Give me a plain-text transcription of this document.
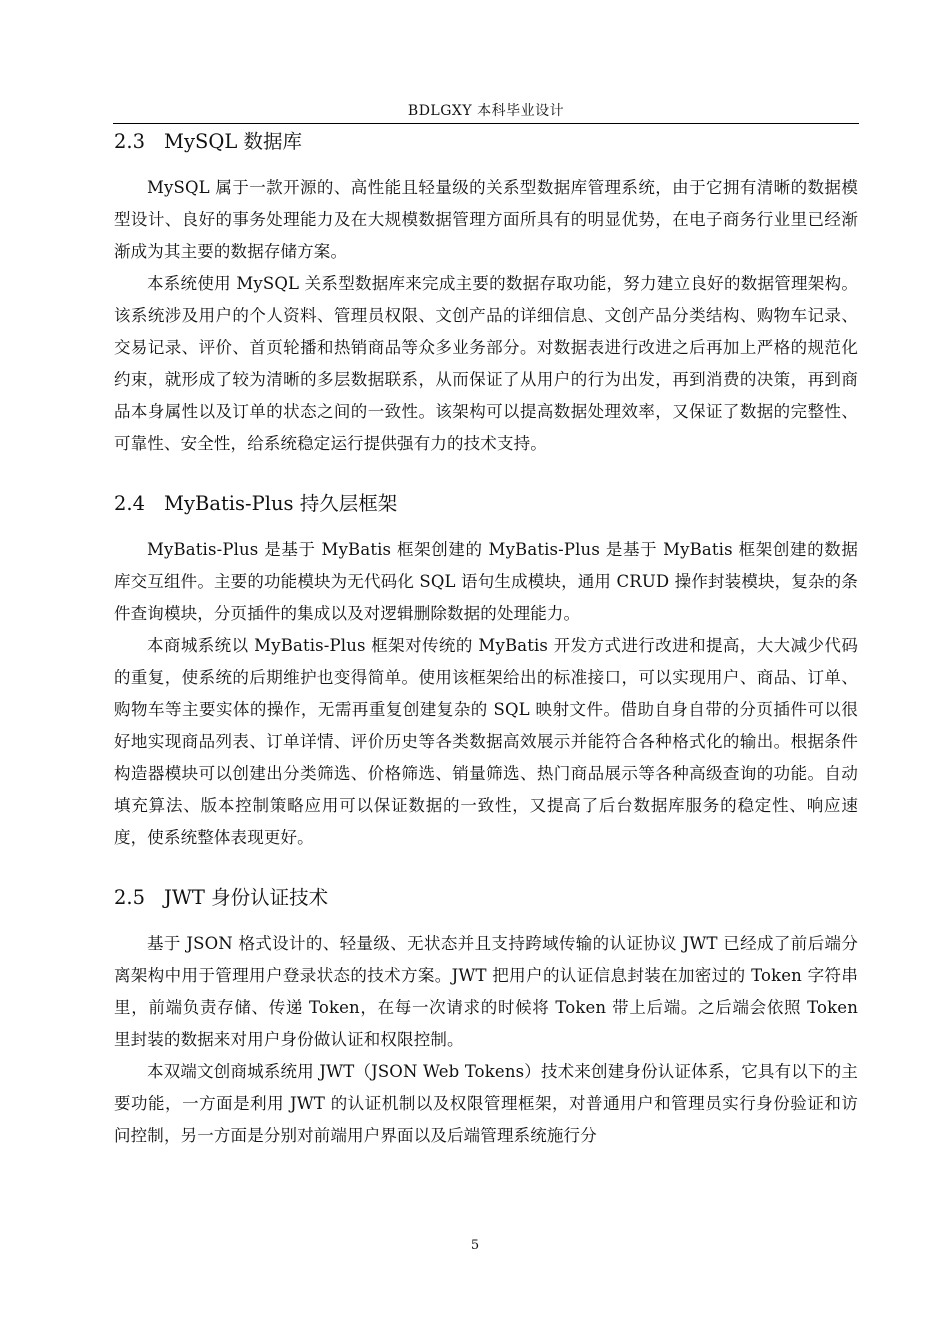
BDLGXY 本科毕业设计
2.3 MySQL 数据库

MySQL 属于一款开源的、高性能且轻量级的关系型数据库管理系统，由于它拥有清晰的数据模型设计、良好的事务处理能力及在大规模数据管理方面所具有的明显优势，在电子商务行业里已经渐渐成为其主要的数据存储方案。

本系统使用 MySQL 关系型数据库来完成主要的数据存取功能，努力建立良好的数据管理架构。该系统涉及用户的个人资料、管理员权限、文创产品的详细信息、文创产品分类结构、购物车记录、交易记录、评价、首页轮播和热销商品等众多业务部分。对数据表进行改进之后再加上严格的规范化约束，就形成了较为清晰的多层数据联系，从而保证了从用户的行为出发，再到消费的决策，再到商品本身属性以及订单的状态之间的一致性。该架构可以提高数据处理效率，又保证了数据的完整性、可靠性、安全性，给系统稳定运行提供强有力的技术支持。

2.4 MyBatis-Plus 持久层框架

MyBatis-Plus 是基于 MyBatis 框架创建的 MyBatis-Plus 是基于 MyBatis 框架创建的数据库交互组件。主要的功能模块为无代码化 SQL 语句生成模块，通用 CRUD 操作封装模块，复杂的条件查询模块，分页插件的集成以及对逻辑删除数据的处理能力。

本商城系统以 MyBatis-Plus 框架对传统的 MyBatis 开发方式进行改进和提高，大大减少代码的重复，使系统的后期维护也变得简单。使用该框架给出的标准接口，可以实现用户、商品、订单、购物车等主要实体的操作，无需再重复创建复杂的 SQL 映射文件。借助自身自带的分页插件可以很好地实现商品列表、订单详情、评价历史等各类数据高效展示并能符合各种格式化的输出。根据条件构造器模块可以创建出分类筛选、价格筛选、销量筛选、热门商品展示等各种高级查询的功能。自动填充算法、版本控制策略应用可以保证数据的一致性，又提高了后台数据库服务的稳定性、响应速度，使系统整体表现更好。

2.5 JWT 身份认证技术

基于 JSON 格式设计的、轻量级、无状态并且支持跨域传输的认证协议 JWT 已经成了前后端分离架构中用于管理用户登录状态的技术方案。JWT 把用户的认证信息封装在加密过的 Token 字符串里，前端负责存储、传递 Token，在每一次请求的时候将 Token 带上后端。之后端会依照 Token 里封装的数据来对用户身份做认证和权限控制。

本双端文创商城系统用 JWT（JSON Web Tokens）技术来创建身份认证体系，它具有以下的主要功能，一方面是利用 JWT 的认证机制以及权限管理框架，对普通用户和管理员实行身份验证和访问控制，另一方面是分别对前端用户界面以及后端管理系统施行分

5
